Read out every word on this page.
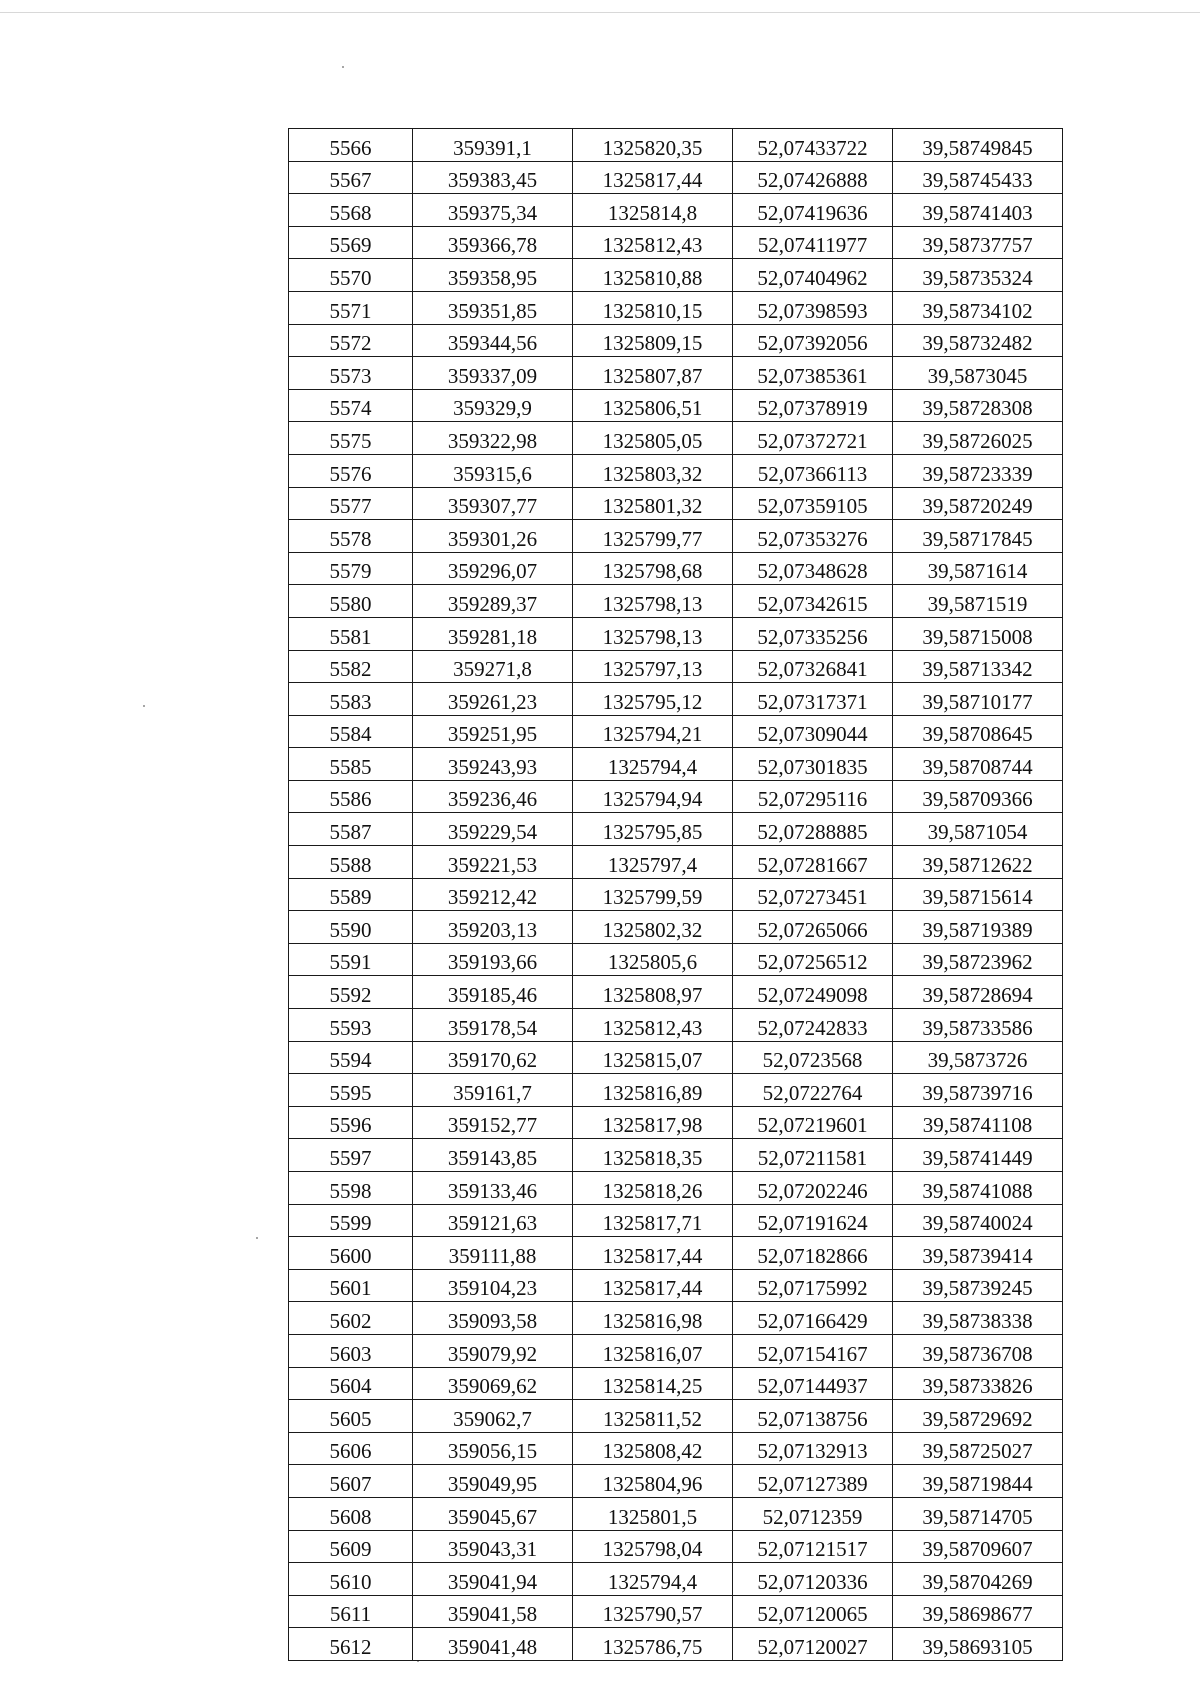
5566	359391,1	1325820,35	52,07433722	39,58749845
5567	359383,45	1325817,44	52,07426888	39,58745433
5568	359375,34	1325814,8	52,07419636	39,58741403
5569	359366,78	1325812,43	52,07411977	39,58737757
5570	359358,95	1325810,88	52,07404962	39,58735324
5571	359351,85	1325810,15	52,07398593	39,58734102
5572	359344,56	1325809,15	52,07392056	39,58732482
5573	359337,09	1325807,87	52,07385361	39,5873045
5574	359329,9	1325806,51	52,07378919	39,58728308
5575	359322,98	1325805,05	52,07372721	39,58726025
5576	359315,6	1325803,32	52,07366113	39,58723339
5577	359307,77	1325801,32	52,07359105	39,58720249
5578	359301,26	1325799,77	52,07353276	39,58717845
5579	359296,07	1325798,68	52,07348628	39,5871614
5580	359289,37	1325798,13	52,07342615	39,5871519
5581	359281,18	1325798,13	52,07335256	39,58715008
5582	359271,8	1325797,13	52,07326841	39,58713342
5583	359261,23	1325795,12	52,07317371	39,58710177
5584	359251,95	1325794,21	52,07309044	39,58708645
5585	359243,93	1325794,4	52,07301835	39,58708744
5586	359236,46	1325794,94	52,07295116	39,58709366
5587	359229,54	1325795,85	52,07288885	39,5871054
5588	359221,53	1325797,4	52,07281667	39,58712622
5589	359212,42	1325799,59	52,07273451	39,58715614
5590	359203,13	1325802,32	52,07265066	39,58719389
5591	359193,66	1325805,6	52,07256512	39,58723962
5592	359185,46	1325808,97	52,07249098	39,58728694
5593	359178,54	1325812,43	52,07242833	39,58733586
5594	359170,62	1325815,07	52,0723568	39,5873726
5595	359161,7	1325816,89	52,0722764	39,58739716
5596	359152,77	1325817,98	52,07219601	39,58741108
5597	359143,85	1325818,35	52,07211581	39,58741449
5598	359133,46	1325818,26	52,07202246	39,58741088
5599	359121,63	1325817,71	52,07191624	39,58740024
5600	359111,88	1325817,44	52,07182866	39,58739414
5601	359104,23	1325817,44	52,07175992	39,58739245
5602	359093,58	1325816,98	52,07166429	39,58738338
5603	359079,92	1325816,07	52,07154167	39,58736708
5604	359069,62	1325814,25	52,07144937	39,58733826
5605	359062,7	1325811,52	52,07138756	39,58729692
5606	359056,15	1325808,42	52,07132913	39,58725027
5607	359049,95	1325804,96	52,07127389	39,58719844
5608	359045,67	1325801,5	52,0712359	39,58714705
5609	359043,31	1325798,04	52,07121517	39,58709607
5610	359041,94	1325794,4	52,07120336	39,58704269
5611	359041,58	1325790,57	52,07120065	39,58698677
5612	359041,48	1325786,75	52,07120027	39,58693105
